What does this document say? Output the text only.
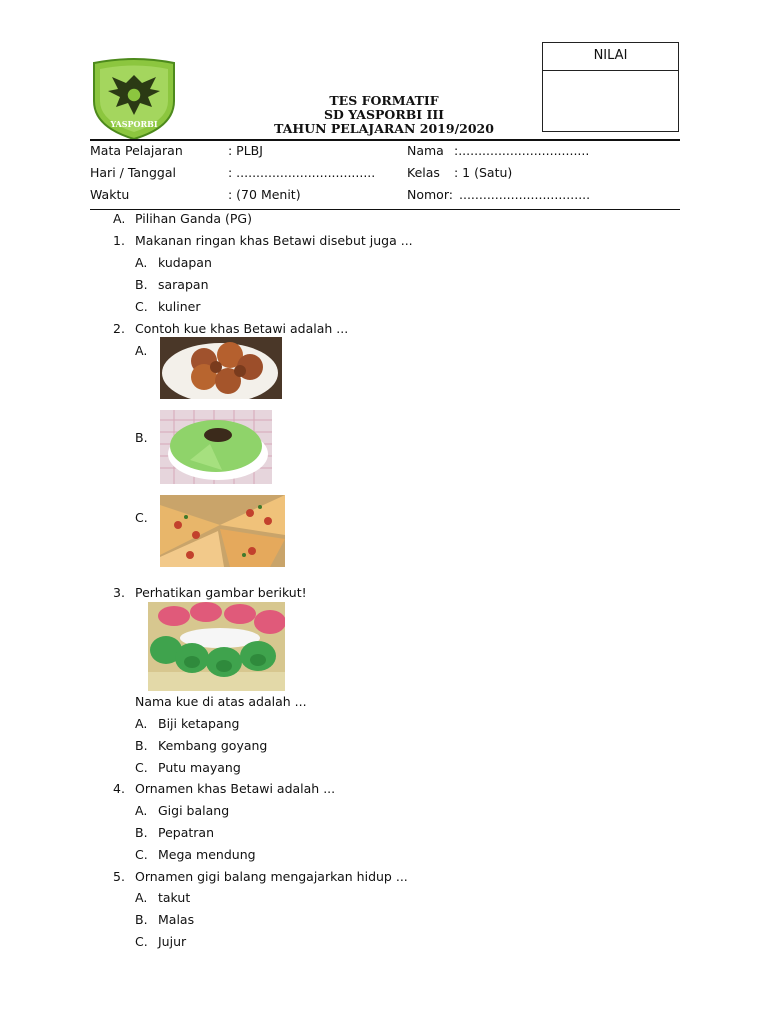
YASPORBI
TES FORMATIF
SD YASPORBI III
TAHUN PELAJARAN 2019/2020
NILAI
Mata Pelajaran	: PLBJ	Nama :.................................
Hari / Tanggal	: ...................................	Kelas : 1 (Satu)
Waktu	: (70 Menit)	Nomor: .................................
A. Pilihan Ganda (PG)
1. Makanan ringan khas Betawi disebut juga ...
A. kudapan
B. sarapan
C. kuliner
2. Contoh kue khas Betawi adalah ...
A.
B.
C.
3. Perhatikan gambar berikut!
Nama kue di atas adalah ...
A. Biji ketapang
B. Kembang goyang
C. Putu mayang
4. Ornamen khas Betawi adalah ...
A. Gigi balang
B. Pepatran
C. Mega mendung
5. Ornamen gigi balang mengajarkan hidup ...
A. takut
B. Malas
C. Jujur
